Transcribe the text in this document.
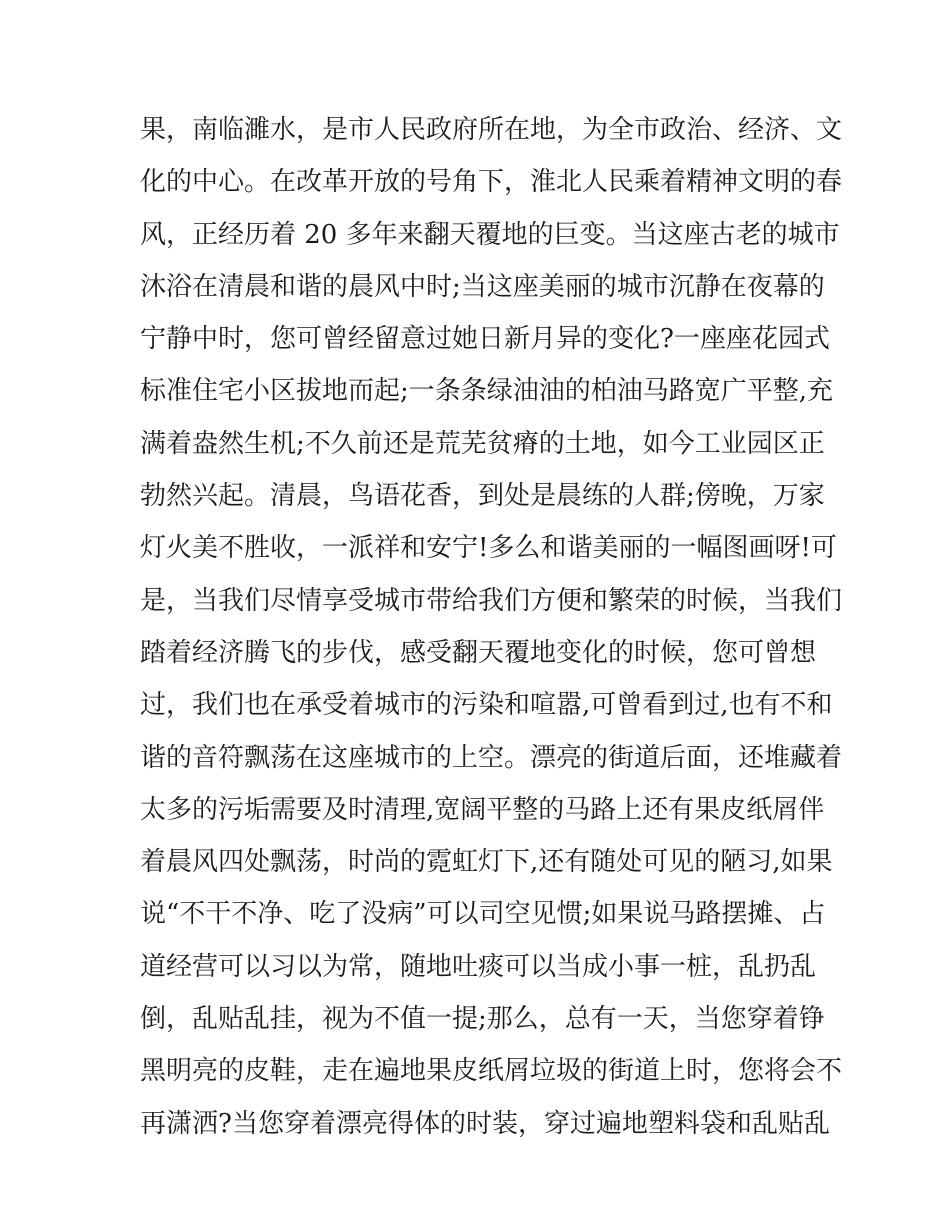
果，南临濉水，是市人民政府所在地，为全市政治、经济、文
化的中心。在改革开放的号角下，淮北人民乘着精神文明的春
风，正经历着 20 多年来翻天覆地的巨变。当这座古老的城市
沐浴在清晨和谐的晨风中时;当这座美丽的城市沉静在夜幕的
宁静中时，您可曾经留意过她日新月异的变化?一座座花园式
标准住宅小区拔地而起;一条条绿油油的柏油马路宽广平整,充
满着盎然生机;不久前还是荒芜贫瘠的土地，如今工业园区正
勃然兴起。清晨，鸟语花香，到处是晨练的人群;傍晚，万家
灯火美不胜收，一派祥和安宁!多么和谐美丽的一幅图画呀!可
是，当我们尽情享受城市带给我们方便和繁荣的时候，当我们
踏着经济腾飞的步伐，感受翻天覆地变化的时候，您可曾想
过，我们也在承受着城市的污染和喧嚣,可曾看到过,也有不和
谐的音符飘荡在这座城市的上空。漂亮的街道后面，还堆藏着
太多的污垢需要及时清理,宽阔平整的马路上还有果皮纸屑伴
着晨风四处飘荡，时尚的霓虹灯下,还有随处可见的陋习,如果
说“不干不净、吃了没病”可以司空见惯;如果说马路摆摊、占
道经营可以习以为常，随地吐痰可以当成小事一桩，乱扔乱
倒，乱贴乱挂，视为不值一提;那么，总有一天，当您穿着铮
黑明亮的皮鞋，走在遍地果皮纸屑垃圾的街道上时，您将会不
再潇洒?当您穿着漂亮得体的时装，穿过遍地塑料袋和乱贴乱
